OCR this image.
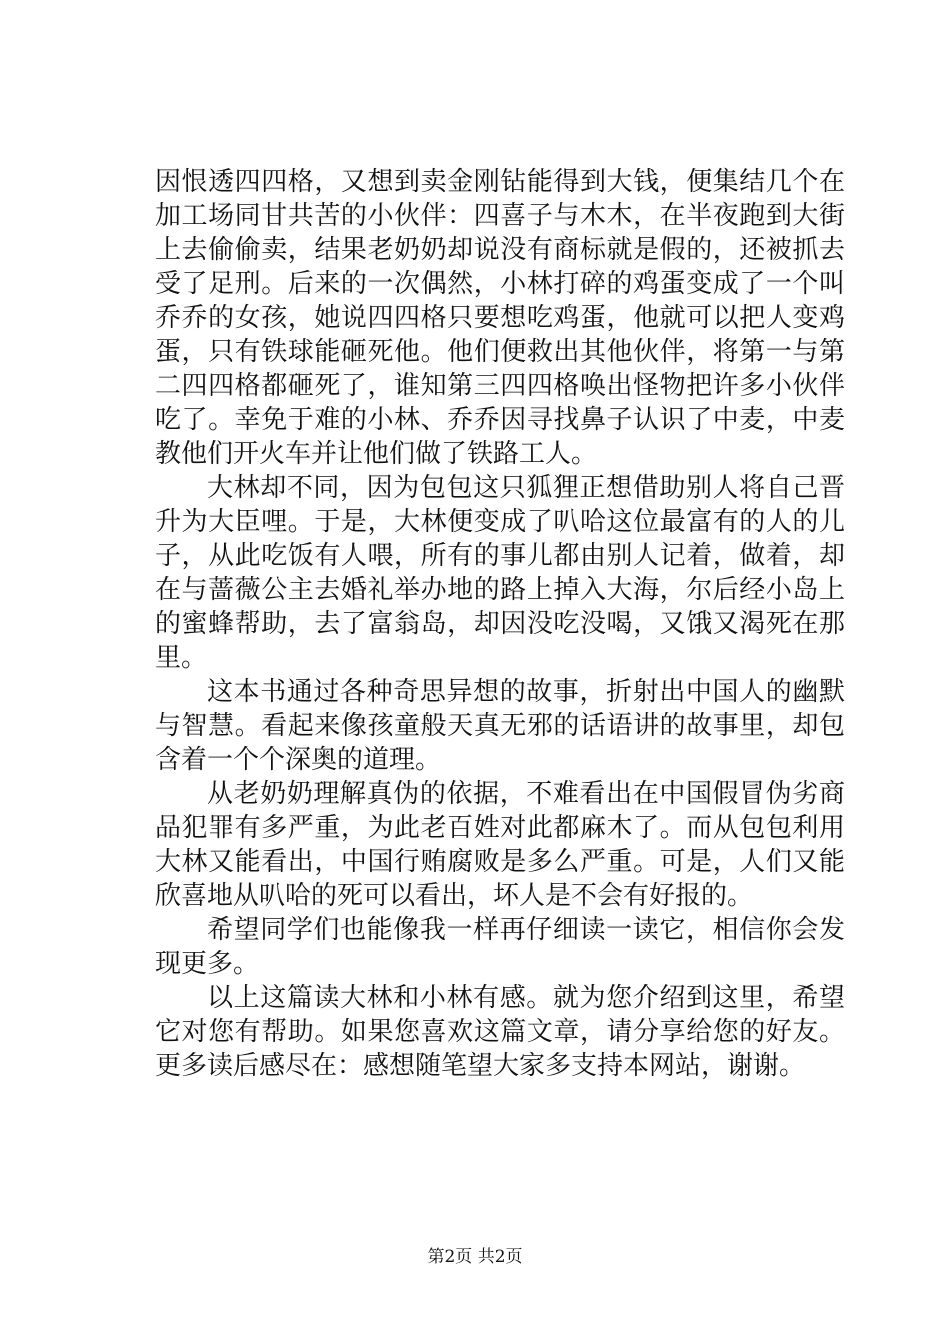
因恨透四四格，又想到卖金刚钻能得到大钱，便集结几个在加工场同甘共苦的小伙伴：四喜子与木木，在半夜跑到大街上去偷偷卖，结果老奶奶却说没有商标就是假的，还被抓去受了足刑。后来的一次偶然，小林打碎的鸡蛋变成了一个叫乔乔的女孩，她说四四格只要想吃鸡蛋，他就可以把人变鸡蛋，只有铁球能砸死他。他们便救出其他伙伴，将第一与第二四四格都砸死了，谁知第三四四格唤出怪物把许多小伙伴吃了。幸免于难的小林、乔乔因寻找鼻子认识了中麦，中麦教他们开火车并让他们做了铁路工人。

大林却不同，因为包包这只狐狸正想借助别人将自己晋升为大臣哩。于是，大林便变成了叭哈这位最富有的人的儿子，从此吃饭有人喂，所有的事儿都由别人记着，做着，却在与蔷薇公主去婚礼举办地的路上掉入大海，尔后经小岛上的蜜蜂帮助，去了富翁岛，却因没吃没喝，又饿又渴死在那里。

这本书通过各种奇思异想的故事，折射出中国人的幽默与智慧。看起来像孩童般天真无邪的话语讲的故事里，却包含着一个个深奥的道理。

从老奶奶理解真伪的依据，不难看出在中国假冒伪劣商品犯罪有多严重，为此老百姓对此都麻木了。而从包包利用大林又能看出，中国行贿腐败是多么严重。可是，人们又能欣喜地从叭哈的死可以看出，坏人是不会有好报的。

希望同学们也能像我一样再仔细读一读它，相信你会发现更多。

以上这篇读大林和小林有感。就为您介绍到这里，希望它对您有帮助。如果您喜欢这篇文章，请分享给您的好友。更多读后感尽在：感想随笔望大家多支持本网站，谢谢。

第2页 共2页
